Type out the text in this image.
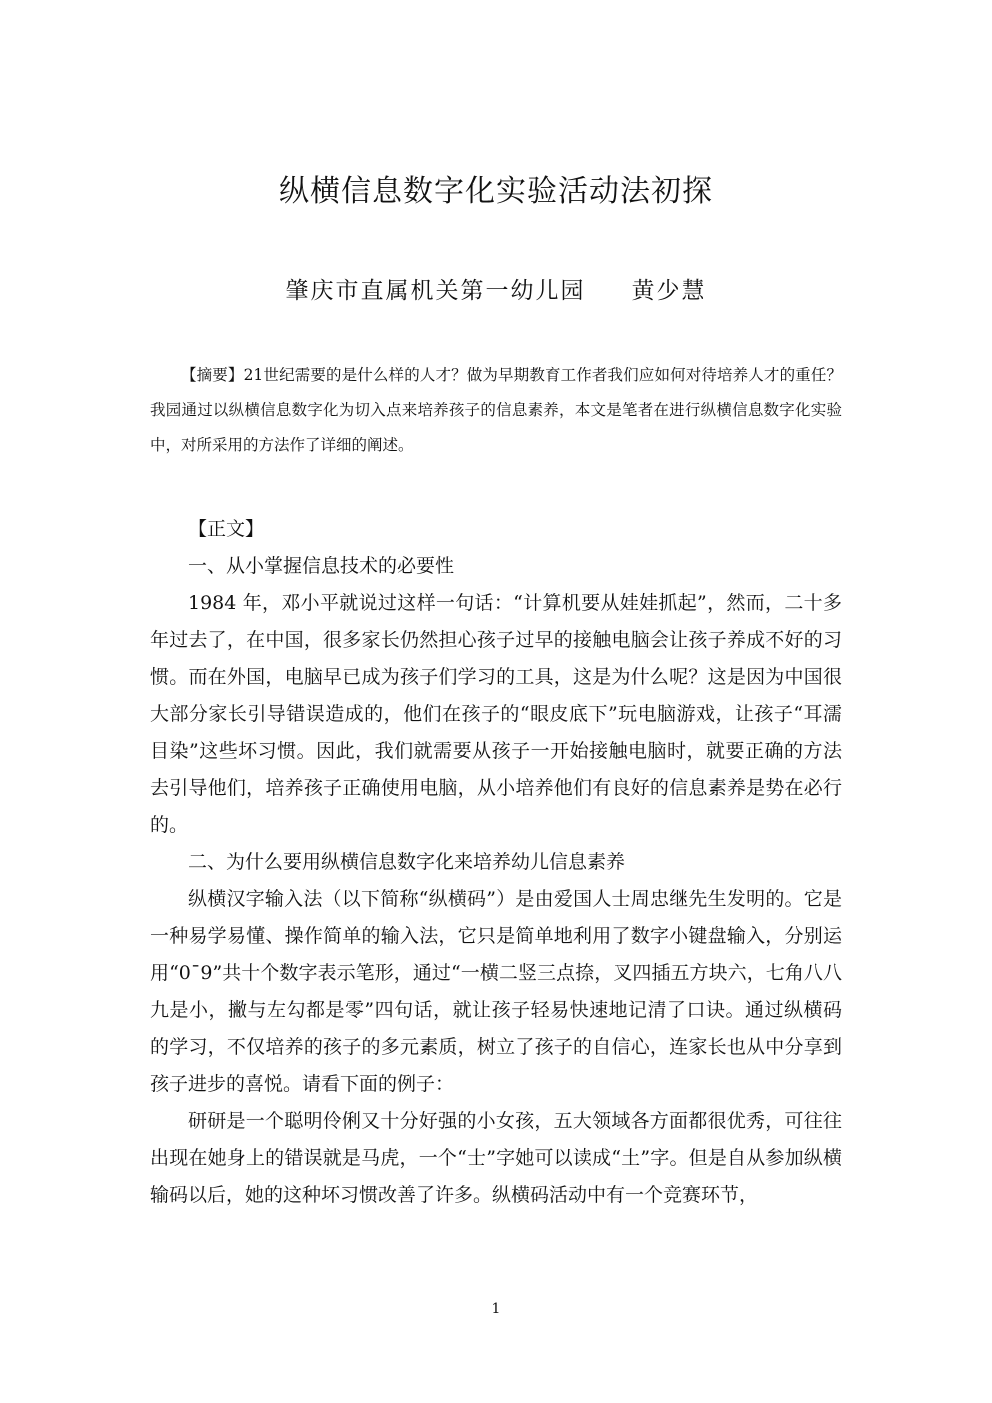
纵横信息数字化实验活动法初探
肇庆市直属机关第一幼儿园 黄少慧

【摘要】21世纪需要的是什么样的人才？做为早期教育工作者我们应如何对待培养人才的重任？我园通过以纵横信息数字化为切入点来培养孩子的信息素养，本文是笔者在进行纵横信息数字化实验中，对所采用的方法作了详细的阐述。

【正文】

一、从小掌握信息技术的必要性

1984 年，邓小平就说过这样一句话：“计算机要从娃娃抓起”，然而，二十多年过去了，在中国，很多家长仍然担心孩子过早的接触电脑会让孩子养成不好的习惯。而在外国，电脑早已成为孩子们学习的工具，这是为什么呢？这是因为中国很大部分家长引导错误造成的，他们在孩子的“眼皮底下”玩电脑游戏，让孩子“耳濡目染”这些坏习惯。因此，我们就需要从孩子一开始接触电脑时，就要正确的方法去引导他们，培养孩子正确使用电脑，从小培养他们有良好的信息素养是势在必行的。

二、为什么要用纵横信息数字化来培养幼儿信息素养

纵横汉字输入法（以下简称“纵横码”）是由爱国人士周忠继先生发明的。它是一种易学易懂、操作简单的输入法，它只是简单地利用了数字小键盘输入，分别运用“0¯9”共十个数字表示笔形，通过“一横二竖三点捺，叉四插五方块六，七角八八九是小，撇与左勾都是零”四句话，就让孩子轻易快速地记清了口诀。通过纵横码的学习，不仅培养的孩子的多元素质，树立了孩子的自信心，连家长也从中分享到孩子进步的喜悦。请看下面的例子：

研研是一个聪明伶俐又十分好强的小女孩，五大领域各方面都很优秀，可往往出现在她身上的错误就是马虎，一个“士”字她可以读成“土”字。但是自从参加纵横输码以后，她的这种坏习惯改善了许多。纵横码活动中有一个竞赛环节，

1
